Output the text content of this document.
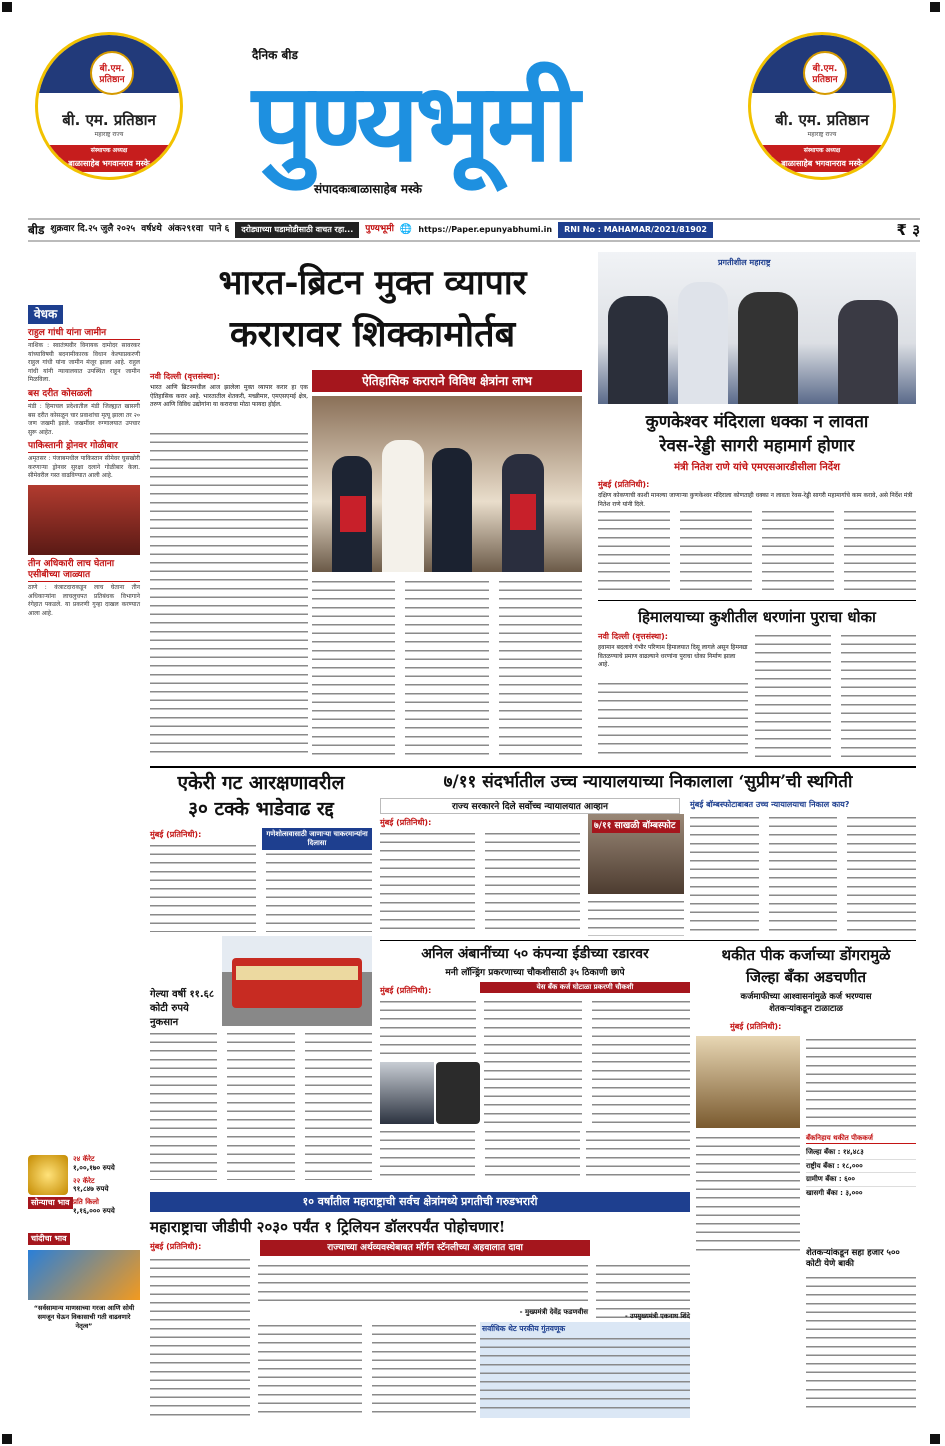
बी.एम. प्रतिष्ठान
बी. एम. प्रतिष्ठान
महाराष्ट्र राज्य
संस्थापक अध्यक्ष
बाळासाहेब भगवानराव मस्के
बी.एम. प्रतिष्ठान
बी. एम. प्रतिष्ठान
महाराष्ट्र राज्य
संस्थापक अध्यक्ष
बाळासाहेब भगवानराव मस्के
दैनिक बीड
पुण्यभूमी
संपादकःबाळासाहेब मस्के
बीड शुक्रवार दि.२५ जुलै २०२५ वर्ष४थे अंक२९१वा पाने ६	दरोड्याच्या घडामोडीसाठी वाचत रहा...	पुण्यभूमी 🌐 https://Paper.epunyabhumi.in	RNI No : MAHAMAR/2021/81902	₹ ३
वेधक
राहुल गांधी यांना जामीन

नाशिक : स्वातंत्र्यवीर विनायक दामोदर सावरकर यांच्याविषयी बदनामीकारक विधान केल्याप्रकरणी राहुल गांधी यांना जामीन मंजूर झाला आहे. राहुल गांधी यांनी न्यायालयात उपस्थित राहून जामीन मिळविला.

बस दरीत कोसळली

मंडी : हिमाचल प्रदेशातील मंडी जिल्ह्यात खासगी बस दरीत कोसळून चार प्रवाशांचा मृत्यू झाला तर २० जण जखमी झाले. जखमींवर रुग्णालयात उपचार सुरू आहेत.

पाकिस्तानी ड्रोनवर गोळीबार

अमृतसर : पंजाबमधील पाकिस्तान सीमेवर घुसखोरी करणाऱ्या ड्रोनवर सुरक्षा दलाने गोळीबार केला. सीमेवरील गस्त वाढविण्यात आली आहे.

तीन अधिकारी लाच घेताना एसीबीच्या जाळ्यात

ठाणे : कंत्राटदाराकडून लाच घेताना तीन अधिकाऱ्यांना लाचलुचपत प्रतिबंधक विभागाने रंगेहात पकडले. या प्रकरणी गुन्हा दाखल करण्यात आला आहे.

सोन्याचा भाव
चांदीचा भाव
२४ कॅरेट
१,००,१७० रुपये
२२ कॅरेट
९१,८४७ रुपये
प्रति किलो
१,१६,००० रुपये

“सर्वसामान्य माणसाच्या गरजा आणि सोयी समजून घेऊन विकासाची गती वाढवणारे नेतृत्व”

भारत-ब्रिटन मुक्त व्यापार
करारावर शिक्कामोर्तब
ऐतिहासिक कराराने विविध क्षेत्रांना लाभ
नवी दिल्ली (वृत्तसंस्था):

भारत आणि ब्रिटनमधील आज झालेला मुक्त व्यापार करार हा एक ऐतिहासिक करार आहे. भारतातील शेतकरी, मच्छीमार, एमएसएमई क्षेत्र, तरुण आणि विविध उद्योगांना या कराराचा मोठा फायदा होईल.

प्रगतीशील महाराष्ट्र
कुणकेश्वर मंदिराला धक्का न लावता
रेवस-रेड्डी सागरी महामार्ग होणार
मंत्री नितेश राणे यांचे एमएसआरडीसीला निर्देश
मुंबई (प्रतिनिधी):

दक्षिण कोकणाची काशी मानल्या जाणाऱ्या कुणकेश्वर मंदिराला कोणताही धक्का न लावता रेवस-रेड्डी सागरी महामार्गाचे काम करावे, असे निर्देश मंत्री नितेश राणे यांनी दिले.

हिमालयाच्या कुशीतील धरणांना पुराचा धोका
नवी दिल्ली (वृत्तसंस्था):

हवामान बदलाचे गंभीर परिणाम हिमालयात दिसू लागले असून हिमनद्या वितळण्याचे प्रमाण वाढल्याने धरणांना पुराचा धोका निर्माण झाला आहे.

एकेरी गट आरक्षणावरील
३० टक्के भाडेवाढ रद्द
मुंबई (प्रतिनिधी):	गणेशोत्सवासाठी जाणाऱ्या चाकरमान्यांना दिलासा
गेल्या वर्षी ११.६८ कोटी रुपये नुकसान
७/११ संदर्भातील उच्च न्यायालयाच्या निकालाला ‘सुप्रीम’ची स्थगिती
राज्य सरकारने दिले सर्वोच्च न्यायालयात आव्हान
मुंबई (प्रतिनिधी):	७/११ साखळी बॉम्बस्फोट
मुंबई बॉम्बस्फोटाबाबत उच्च न्यायालयाचा निकाल काय?
अनिल अंबानींच्या ५० कंपन्या ईडीच्या रडारवर
मनी लॉन्ड्रिंग प्रकरणाच्या चौकशीसाठी ३५ ठिकाणी छापे
येस बँक कर्ज घोटाळा प्रकरणी चौकशी
मुंबई (प्रतिनिधी):
थकीत पीक कर्जाच्या डोंगरामुळे
जिल्हा बँका अडचणीत
कर्जमाफीच्या आश्वासनांमुळे कर्ज भरण्यास
शेतकऱ्यांकडून टाळाटाळ
मुंबई (प्रतिनिधी):
बँकनिहाय थकीत पीककर्ज
जिल्हा बँका : १४,४८३
राष्ट्रीय बँका : १८,०००
ग्रामीण बँका : ६००
खासगी बँका : ३,०००
शेतकऱ्यांकडून सहा हजार ५०० कोटी येणे बाकी
१० वर्षांतील महाराष्ट्राची सर्वच क्षेत्रांमध्ये प्रगतीची गरुडभरारी
महाराष्ट्राचा जीडीपी २०३० पर्यंत १ ट्रिलियन डॉलरपर्यंत पोहोचणार!
मुंबई (प्रतिनिधी):	राज्याच्या अर्थव्यवस्थेबाबत मॉर्गन स्टॅनलीच्या अहवालात दावा
- मुख्यमंत्री देवेंद्र फडणवीस	- उपमुख्यमंत्री एकनाथ शिंदे
सर्वाधिक थेट परकीय गुंतवणूक
